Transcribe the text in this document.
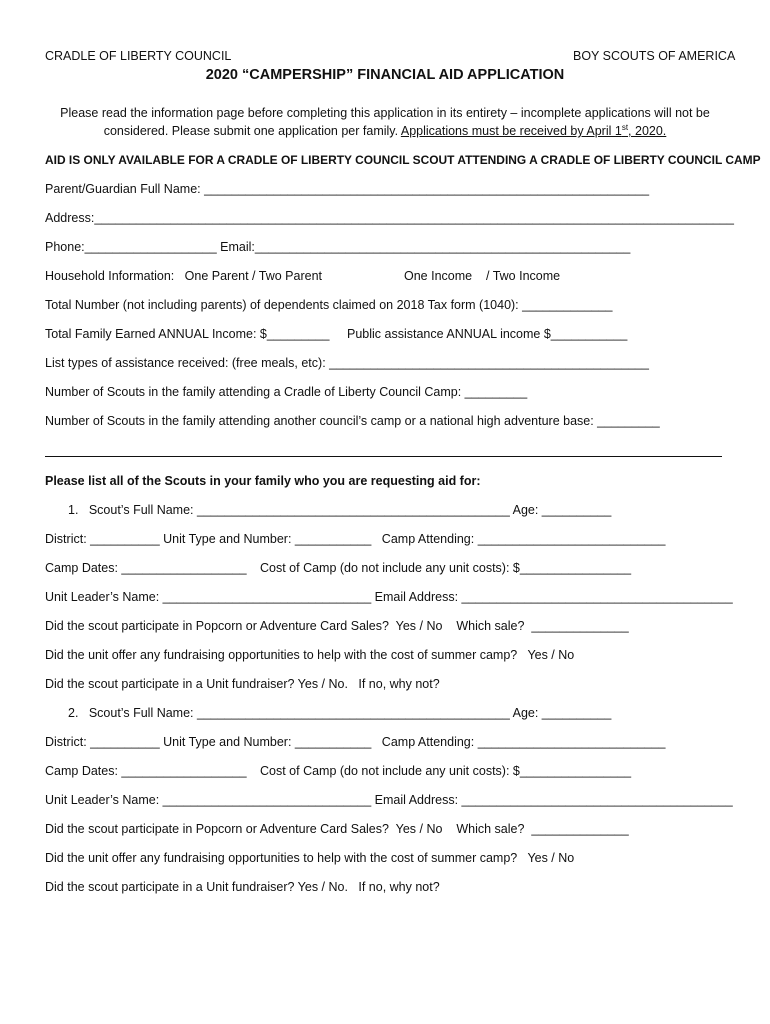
CRADLE OF LIBERTY COUNCIL	BOY SCOUTS OF AMERICA
2020 “CAMPERSHIP” FINANCIAL AID APPLICATION
Please read the information page before completing this application in its entirety – incomplete applications will not be
considered. Please submit one application per family. Applications must be received by April 1st, 2020.
AID IS ONLY AVAILABLE FOR A CRADLE OF LIBERTY COUNCIL SCOUT ATTENDING A CRADLE OF LIBERTY COUNCIL CAMP
Parent/Guardian Full Name: ________________________________________________________________
Address:____________________________________________________________________________________________
Phone:___________________ Email:______________________________________________________
Household Information:   One Parent / Two Parent	One Income    / Two Income
Total Number (not including parents) of dependents claimed on 2018 Tax form (1040): _____________
Total Family Earned ANNUAL Income: $_________ Public assistance ANNUAL income $___________
List types of assistance received: (free meals, etc): ______________________________________________
Number of Scouts in the family attending a Cradle of Liberty Council Camp: _________
Number of Scouts in the family attending another council’s camp or a national high adventure base: _________
Please list all of the Scouts in your family who you are requesting aid for:
1.   Scout’s Full Name: _____________________________________________ Age: __________
District: __________ Unit Type and Number: ___________   Camp Attending: ___________________________
Camp Dates: __________________ Cost of Camp (do not include any unit costs): $________________
Unit Leader’s Name: ______________________________ Email Address: _______________________________________
Did the scout participate in Popcorn or Adventure Card Sales?  Yes / No    Which sale?  ______________
Did the unit offer any fundraising opportunities to help with the cost of summer camp?   Yes / No
Did the scout participate in a Unit fundraiser? Yes / No.   If no, why not?
2.   Scout’s Full Name: _____________________________________________ Age: __________
District: __________ Unit Type and Number: ___________   Camp Attending: ___________________________
Camp Dates: __________________ Cost of Camp (do not include any unit costs): $________________
Unit Leader’s Name: ______________________________ Email Address: _______________________________________
Did the scout participate in Popcorn or Adventure Card Sales?  Yes / No    Which sale?  ______________
Did the unit offer any fundraising opportunities to help with the cost of summer camp?   Yes / No
Did the scout participate in a Unit fundraiser? Yes / No.   If no, why not?
